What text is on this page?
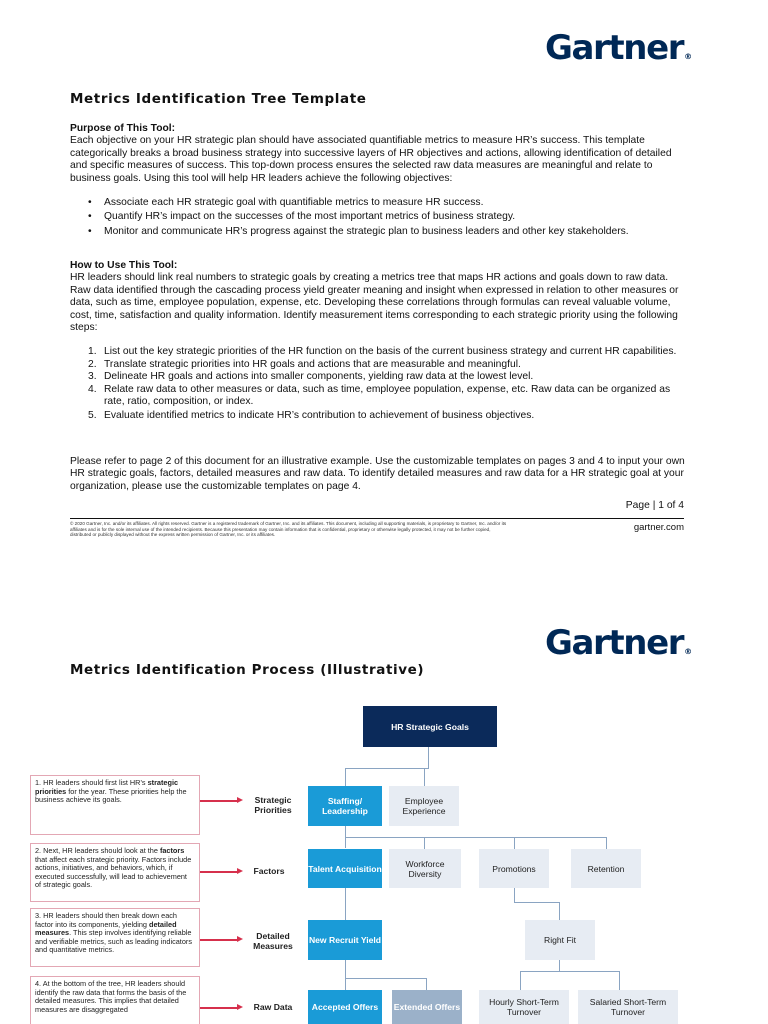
Gartner®
Metrics Identification Tree Template
Purpose of This Tool:
Each objective on your HR strategic plan should have associated quantifiable metrics to measure HR’s success. This template categorically breaks a broad business strategy into successive layers of HR objectives and actions, allowing identification of detailed and specific measures of success. This top-down process ensures the selected raw data measures are meaningful and relate to business goals. Using this tool will help HR leaders achieve the following objectives:
• Associate each HR strategic goal with quantifiable metrics to measure HR success.
• Quantify HR’s impact on the successes of the most important metrics of business strategy.
• Monitor and communicate HR’s progress against the strategic plan to business leaders and other key stakeholders.
How to Use This Tool:
HR leaders should link real numbers to strategic goals by creating a metrics tree that maps HR actions and goals down to raw data. Raw data identified through the cascading process yield greater meaning and insight when expressed in relation to other measures or data, such as time, employee population, expense, etc. Developing these correlations through formulas can reveal valuable volume, cost, time, satisfaction and quality information. Identify measurement items corresponding to each strategic priority using the following steps:
1. List out the key strategic priorities of the HR function on the basis of the current business strategy and current HR capabilities.
2. Translate strategic priorities into HR goals and actions that are measurable and meaningful.
3. Delineate HR goals and actions into smaller components, yielding raw data at the lowest level.
4. Relate raw data to other measures or data, such as time, employee population, expense, etc. Raw data can be organized as rate, ratio, composition, or index.
5. Evaluate identified metrics to indicate HR’s contribution to achievement of business objectives.
Please refer to page 2 of this document for an illustrative example. Use the customizable templates on pages 3 and 4 to input your own HR strategic goals, factors, detailed measures and raw data. To identify detailed measures and raw data for a HR strategic goal at your organization, please use the customizable templates on page 4.
Page | 1 of 4
© 2020 Gartner, Inc. and/or its affiliates. All rights reserved. Gartner is a registered trademark of Gartner, Inc. and its affiliates. This document, including all supporting materials, is proprietary to Gartner, Inc. and/or its affiliates and is for the sole internal use of the intended recipients. Because this presentation may contain information that is confidential, proprietary or otherwise legally protected, it may not be further copied, distributed or publicly displayed without the express written permission of Gartner, Inc. or its affiliates.
gartner.com
Gartner®
Metrics Identification Process (Illustrative)
HR Strategic Goals
Staffing/ Leadership
Employee Experience
Talent Acquisition	Workforce Diversity	Promotions	Retention
New Recruit Yield	Right Fit
Accepted Offers	Extended Offers	Hourly Short-Term Turnover
Salaried Short-Term Turnover
Strategic Priorities
Factors
Detailed Measures
Raw Data
1. HR leaders should first list HR’s strategic priorities for the year. These priorities help the business achieve its goals.
2. Next, HR leaders should look at the factors that affect each strategic priority. Factors include actions, initiatives, and behaviors, which, if executed successfully, will lead to achievement of strategic goals.
3. HR leaders should then break down each factor into its components, yielding detailed measures. This step involves identifying reliable and verifiable metrics, such as leading indicators and quantitative metrics.
4. At the bottom of the tree, HR leaders should identify the raw data that forms the basis of the detailed measures. This implies that detailed measures are disaggregated
